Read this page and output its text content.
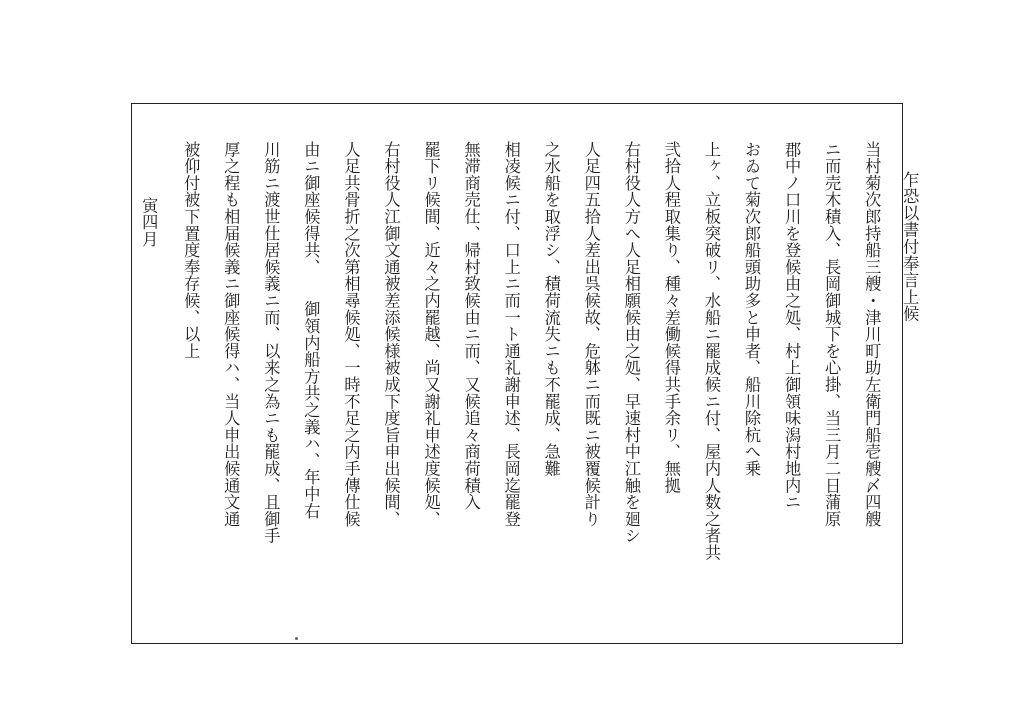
乍恐以書付奉言上候
当村菊次郎持船三艘・津川町助左衛門船壱艘〆四艘
ニ而売木積入、長岡御城下を心掛、当三月二日蒲原
郡中ノ口川を登候由之処、村上御領味潟村地内ニ
おゐて菊次郎船頭助多と申者、船川除杭へ乗
上ヶ、立板突破リ、水船ニ罷成候ニ付、屋内人数之者共
弐拾人程取集り、種々差働候得共手余リ、無拠
右村役人方へ人足相願候由之処、早速村中江触を廻シ
人足四五拾人差出呉候故、危躰ニ而既ニ被覆候計り
之水船を取浮シ、積荷流失ニも不罷成、急難
相凌候ニ付、口上ニ而一ト通礼謝申述、長岡迄罷登
無滞商売仕、帰村致候由ニ而、又候追々商荷積入
罷下リ候間、近々之内罷越、尚又謝礼申述度候処、
右村役人江御文通被差添候様被成下度旨申出候間、
人足共骨折之次第相尋候処、一時不足之内手傳仕候
由ニ御座候得共、　　御領内船方共之義ハ、年中右
川筋ニ渡世仕居候義ニ而、以来之為ニも罷成、且御手
厚之程も相届候義ニ御座候得ハ、当人申出候通文通
被仰付被下置度奉存候、以上
寅四月
